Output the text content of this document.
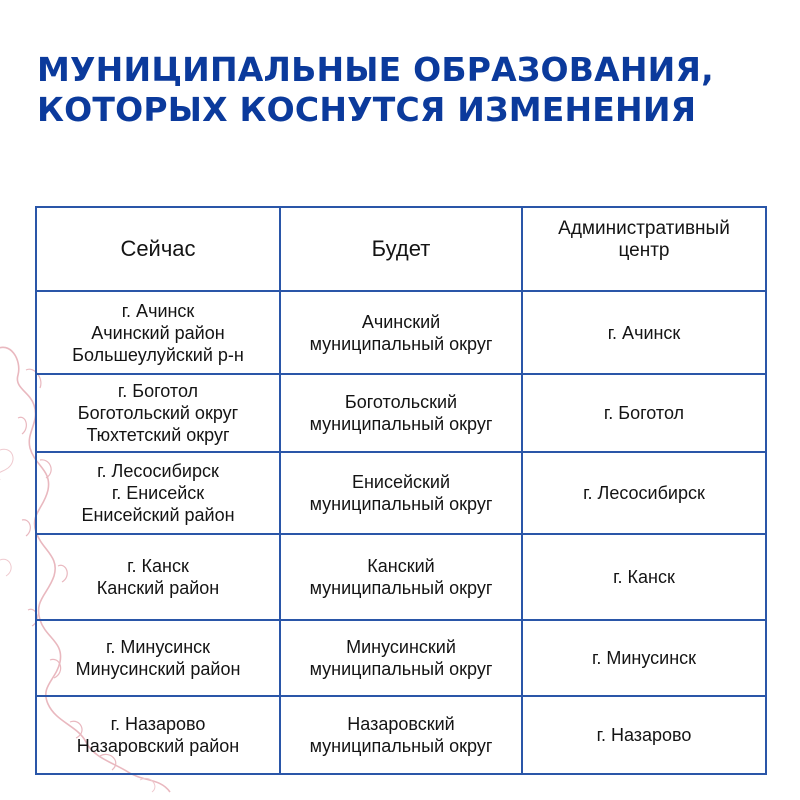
МУНИЦИПАЛЬНЫЕ ОБРАЗОВАНИЯ,
КОТОРЫХ КОСНУТСЯ ИЗМЕНЕНИЯ
Сейчас	Будет	Административный
центр

г. Ачинск
Ачинский район
Большеулуйский р-н	Ачинский
муниципальный округ	г. Ачинск

г. Боготол
Боготольский округ
Тюхтетский округ	Боготольский
муниципальный округ	г. Боготол

г. Лесосибирск
г. Енисейск
Енисейский район	Енисейский
муниципальный округ	г. Лесосибирск

г. Канск
Канский район	Канский
муниципальный округ	г. Канск

г. Минусинск
Минусинский район	Минусинский
муниципальный округ	г. Минусинск

г. Назарово
Назаровский район	Назаровский
муниципальный округ	г. Назарово
